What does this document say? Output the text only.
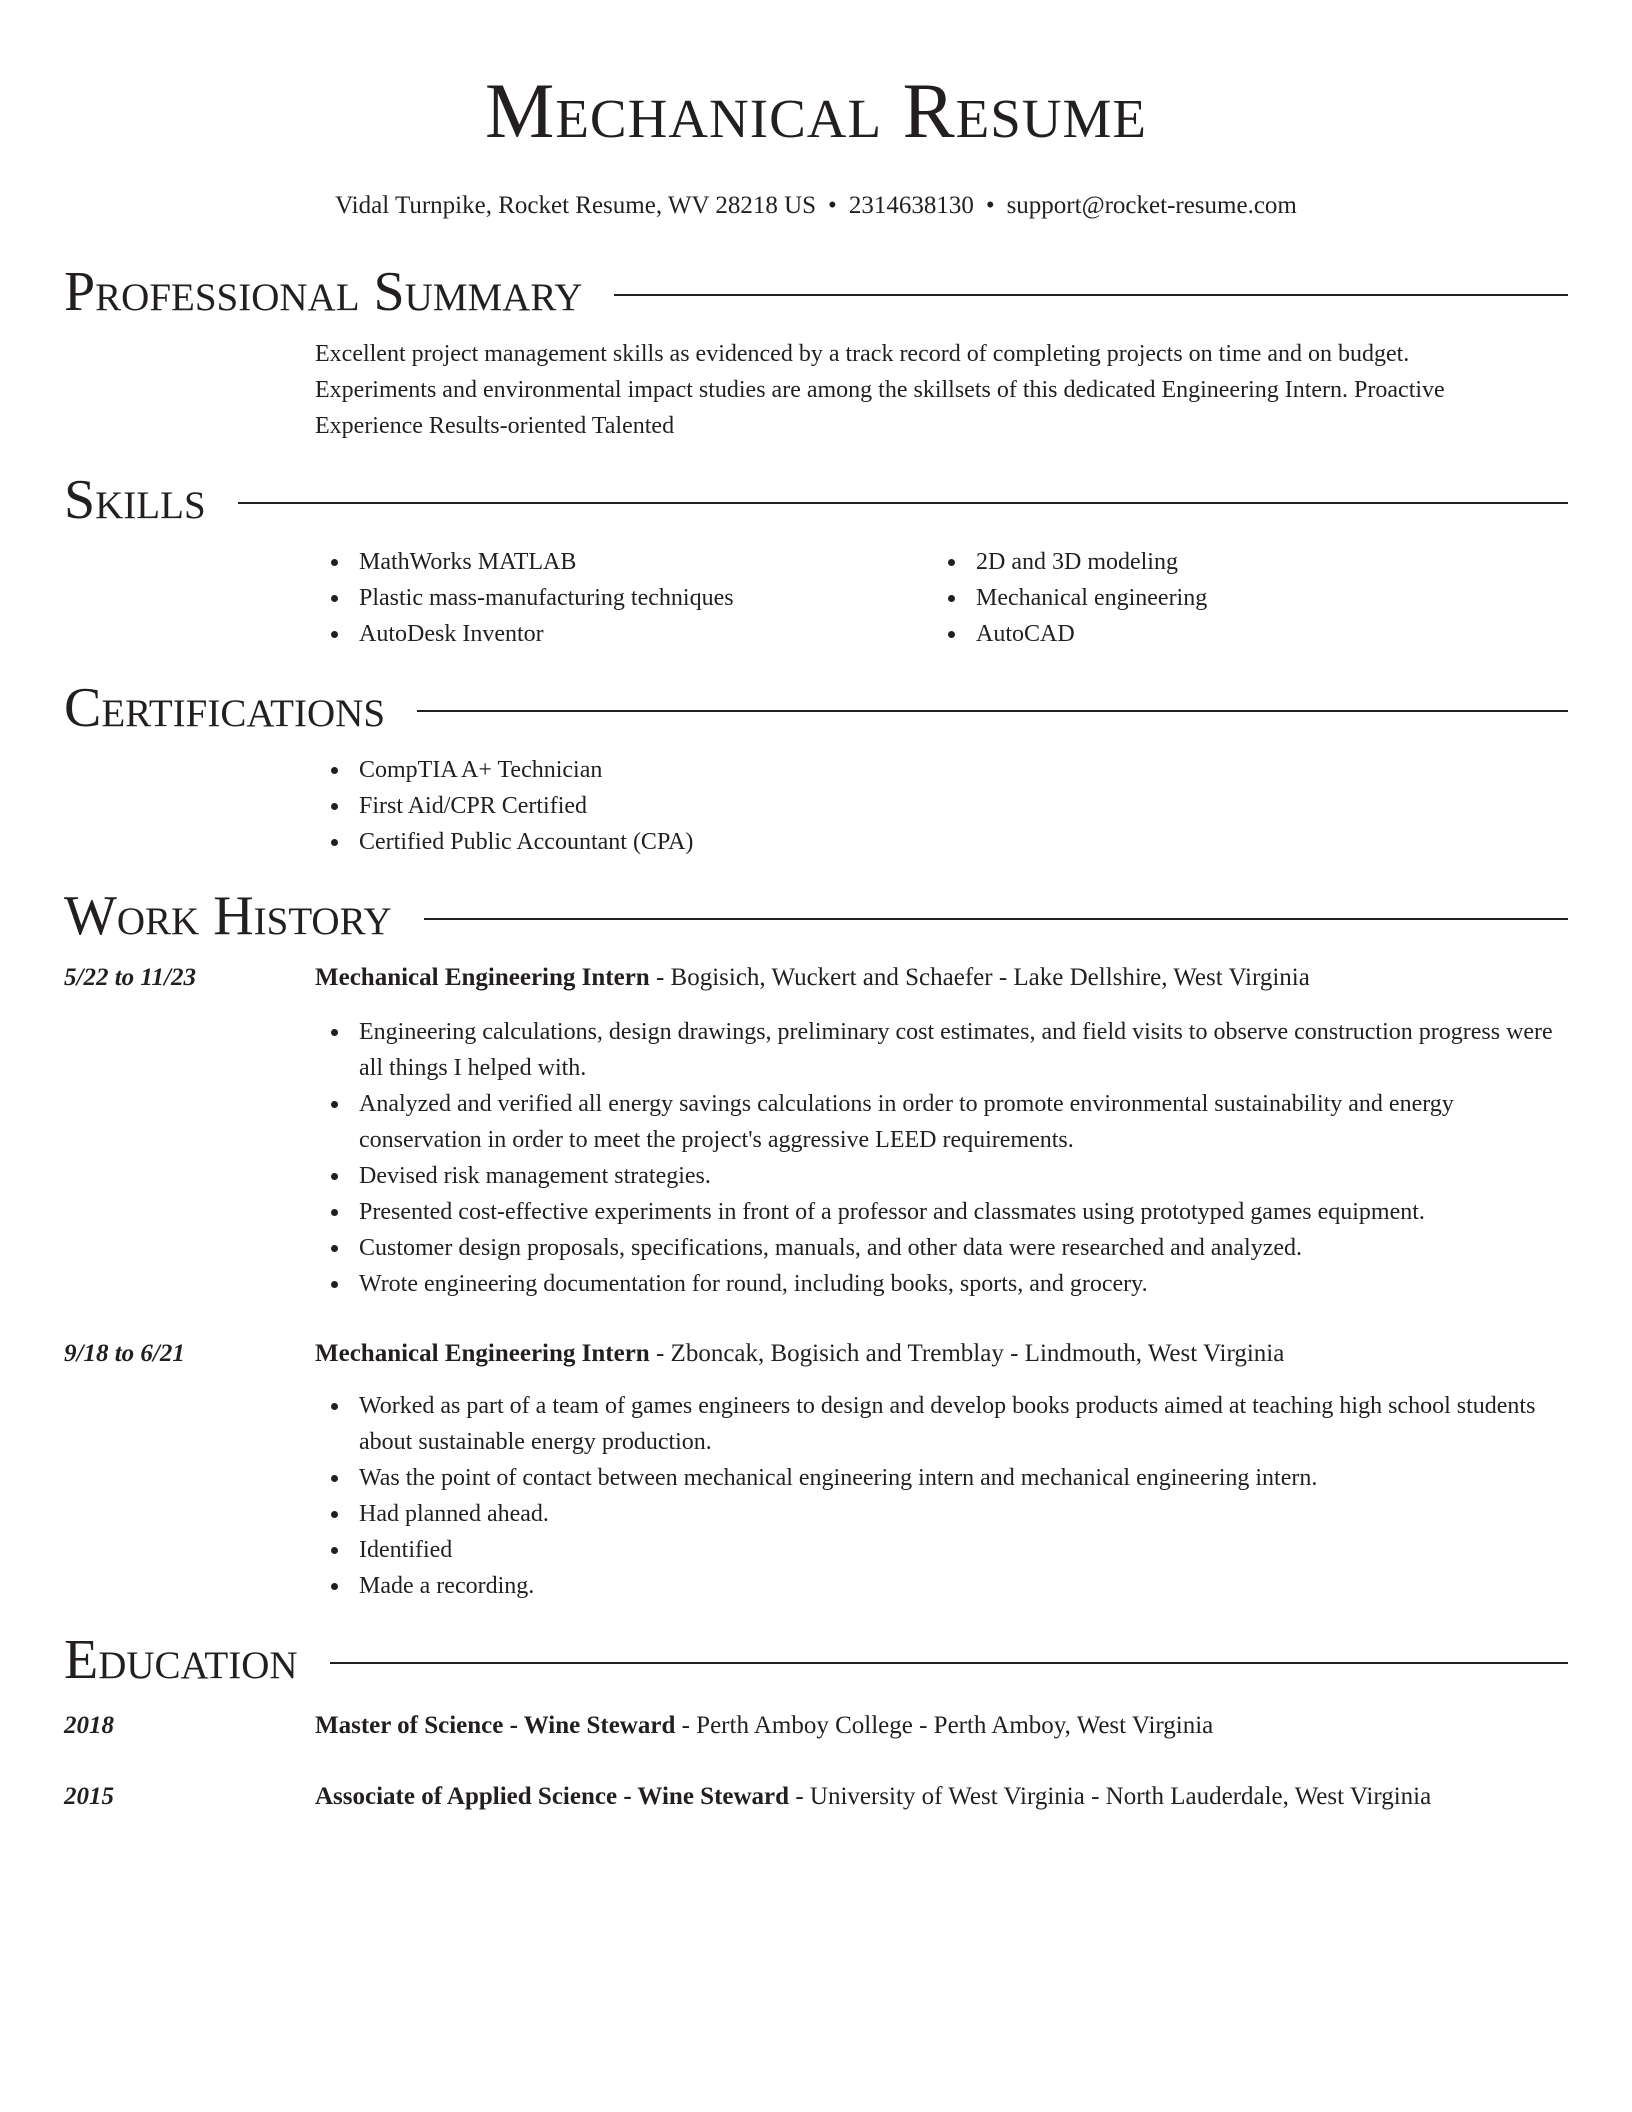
Mechanical Resume
Vidal Turnpike, Rocket Resume, WV 28218 US • 2314638130 • support@rocket-resume.com
Professional Summary
Excellent project management skills as evidenced by a track record of completing projects on time and on budget.
Experiments and environmental impact studies are among the skillsets of this dedicated Engineering Intern. Proactive
Experience Results-oriented Talented
Skills
MathWorks MATLAB
Plastic mass-manufacturing techniques
AutoDesk Inventor
2D and 3D modeling
Mechanical engineering
AutoCAD
Certifications
CompTIA A+ Technician
First Aid/CPR Certified
Certified Public Accountant (CPA)
Work History
5/22 to 11/23	Mechanical Engineering Intern - Bogisich, Wuckert and Schaefer - Lake Dellshire, West Virginia
Engineering calculations, design drawings, preliminary cost estimates, and field visits to observe construction progress were all things I helped with.
Analyzed and verified all energy savings calculations in order to promote environmental sustainability and energy conservation in order to meet the project's aggressive LEED requirements.
Devised risk management strategies.
Presented cost-effective experiments in front of a professor and classmates using prototyped games equipment.
Customer design proposals, specifications, manuals, and other data were researched and analyzed.
Wrote engineering documentation for round, including books, sports, and grocery.
9/18 to 6/21	Mechanical Engineering Intern - Zboncak, Bogisich and Tremblay - Lindmouth, West Virginia
Worked as part of a team of games engineers to design and develop books products aimed at teaching high school students about sustainable energy production.
Was the point of contact between mechanical engineering intern and mechanical engineering intern.
Had planned ahead.
Identified
Made a recording.
Education
2018	Master of Science - Wine Steward - Perth Amboy College - Perth Amboy, West Virginia
2015	Associate of Applied Science - Wine Steward - University of West Virginia - North Lauderdale, West Virginia
